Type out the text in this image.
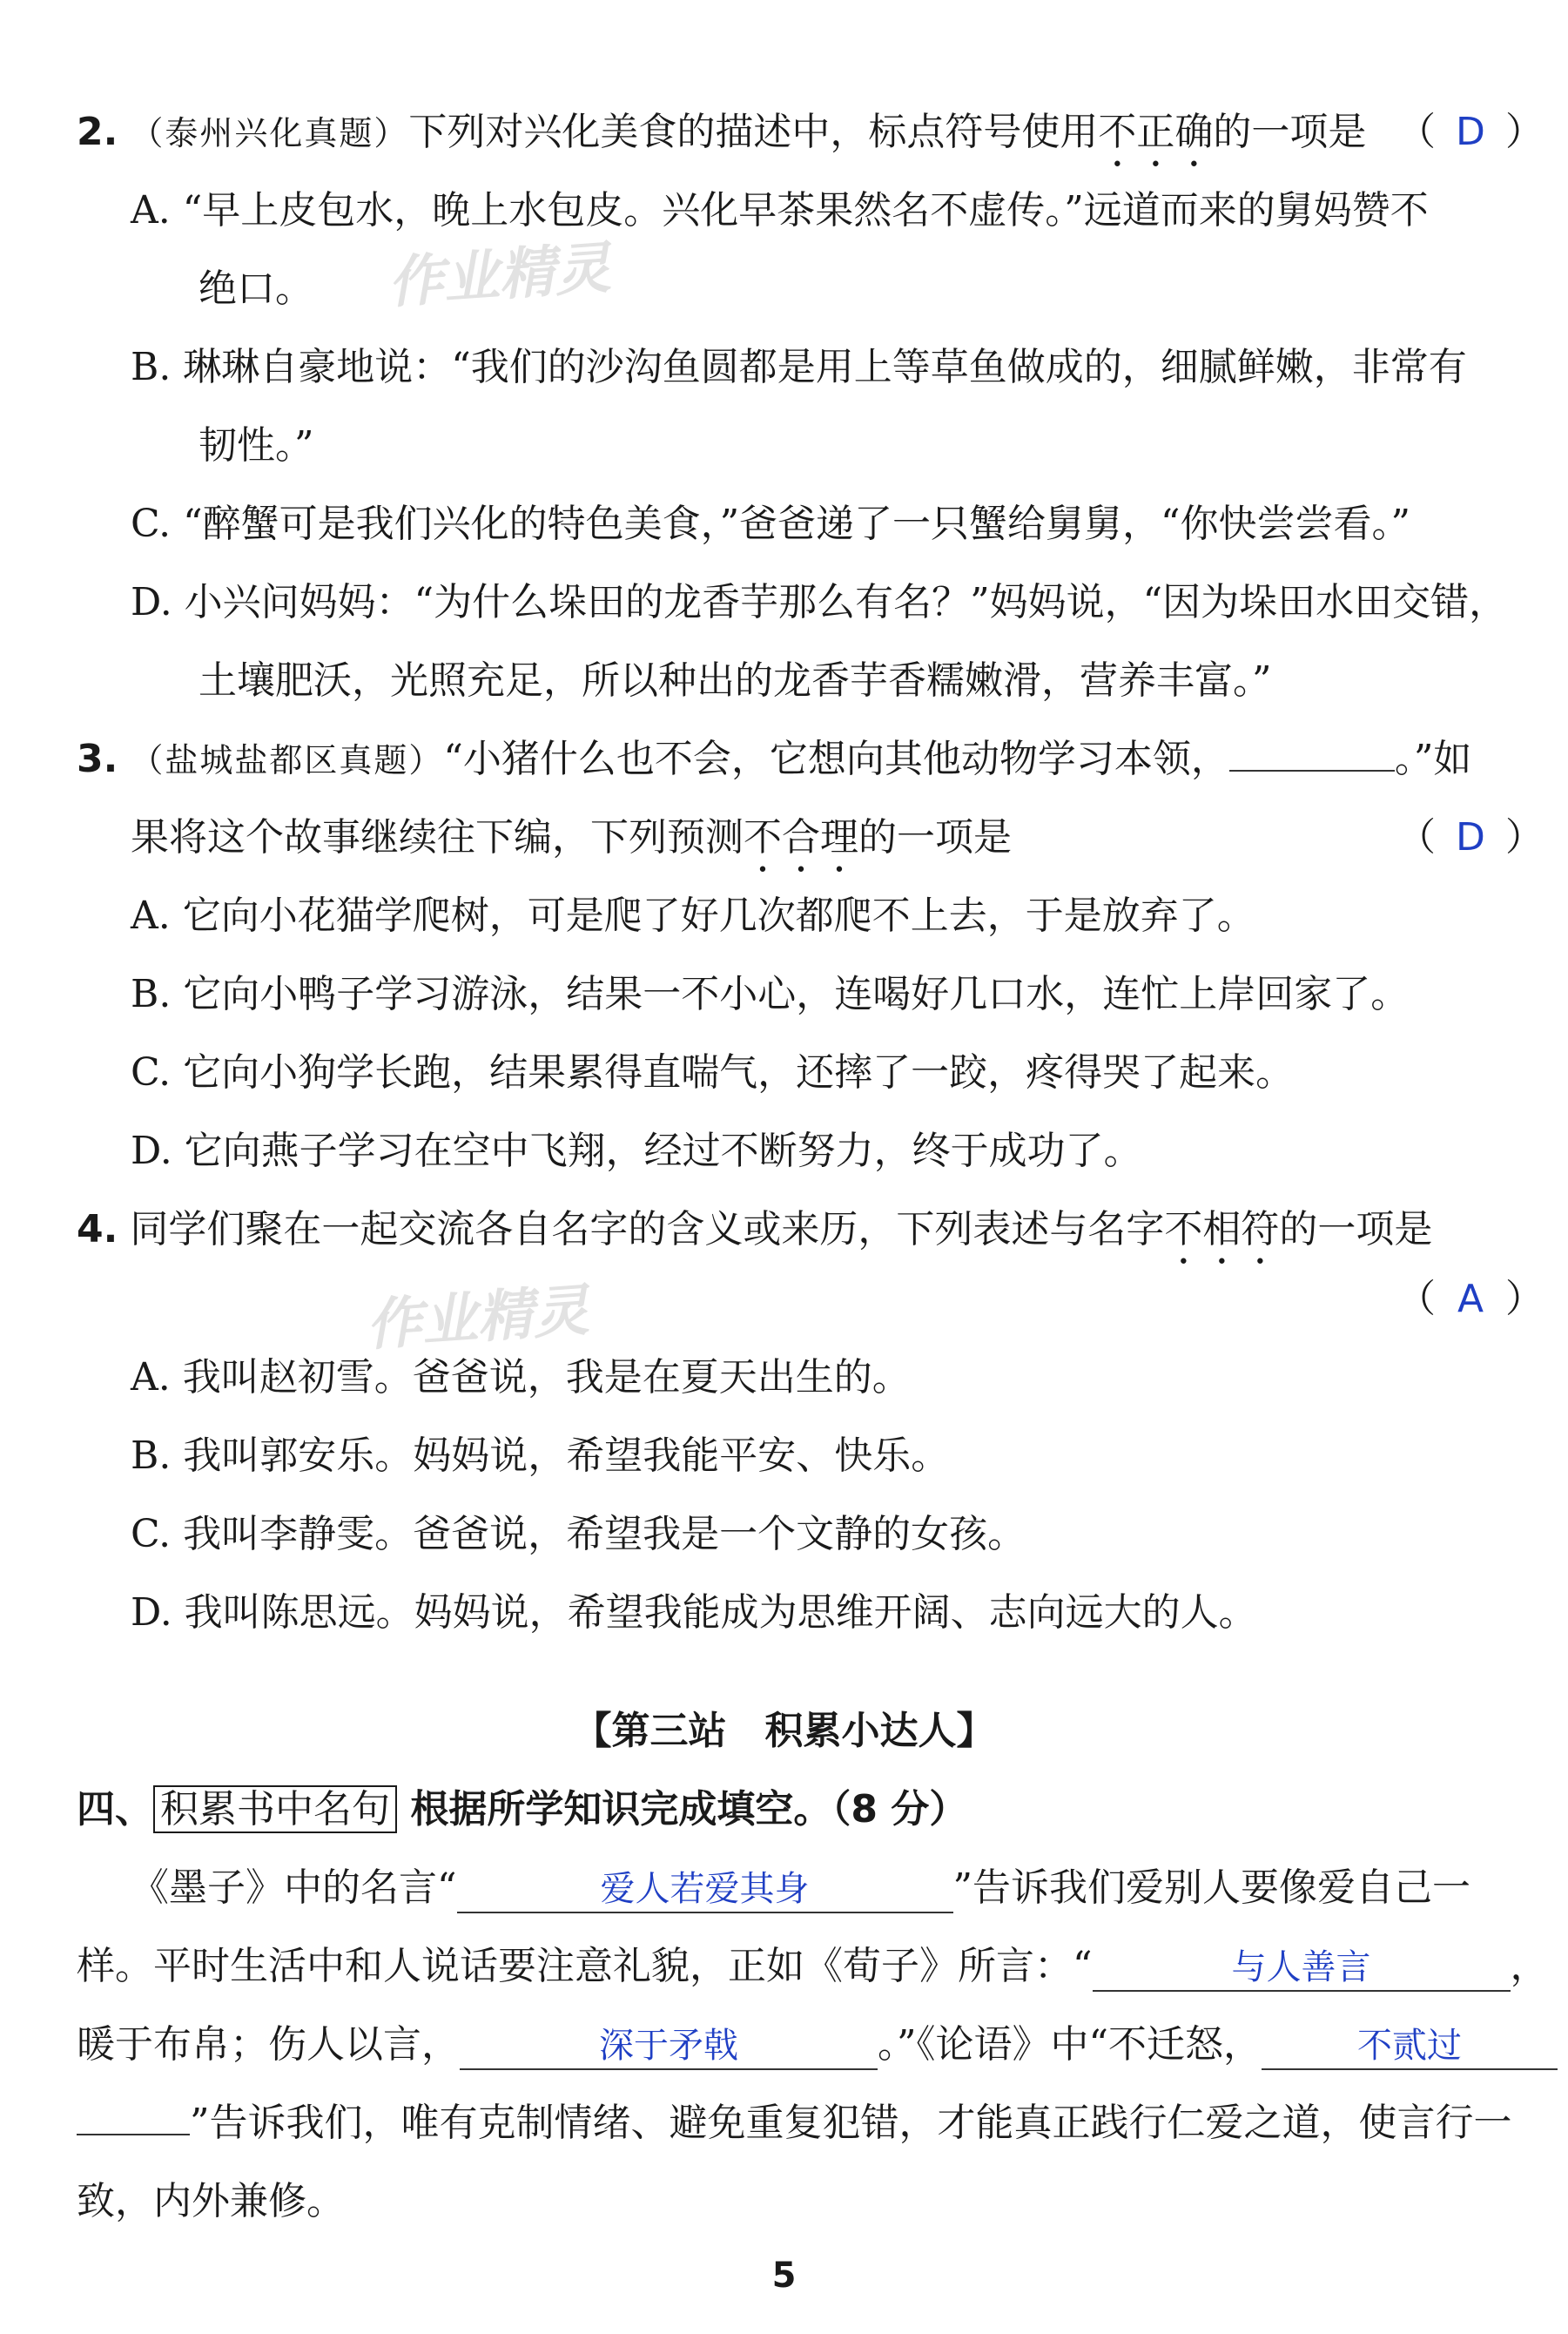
2. （泰州兴化真题）下列对兴化美食的描述中，标点符号使用不正确的一项是 （ D ）
A. “早上皮包水，晚上水包皮。兴化早茶果然名不虚传。”远道而来的舅妈赞不
绝口。
B. 琳琳自豪地说：“我们的沙沟鱼圆都是用上等草鱼做成的，细腻鲜嫩，非常有
韧性。”
C. “醉蟹可是我们兴化的特色美食，”爸爸递了一只蟹给舅舅，“你快尝尝看。”
D. 小兴问妈妈：“为什么垛田的龙香芋那么有名？”妈妈说，“因为垛田水田交错，
土壤肥沃，光照充足，所以种出的龙香芋香糯嫩滑，营养丰富。”
3. （盐城盐都区真题）“小猪什么也不会，它想向其他动物学习本领，	。”如
果将这个故事继续往下编，下列预测不合理的一项是	（ D ）
A. 它向小花猫学爬树，可是爬了好几次都爬不上去，于是放弃了。
B. 它向小鸭子学习游泳，结果一不小心，连喝好几口水，连忙上岸回家了。
C. 它向小狗学长跑，结果累得直喘气，还摔了一跤，疼得哭了起来。
D. 它向燕子学习在空中飞翔，经过不断努力，终于成功了。
4. 同学们聚在一起交流各自名字的含义或来历，下列表述与名字不相符的一项是
（ A ）
A. 我叫赵初雪。爸爸说，我是在夏天出生的。
B. 我叫郭安乐。妈妈说，希望我能平安、快乐。
C. 我叫李静雯。爸爸说，希望我是一个文静的女孩。
D. 我叫陈思远。妈妈说，希望我能成为思维开阔、志向远大的人。
【第三站　积累小达人】
四、 积累书中名句 根据所学知识完成填空。（8 分）
《墨子》中的名言“	爱人若爱其身	”告诉我们爱别人要像爱自己一
样。平时生活中和人说话要注意礼貌，正如《荀子》所言：“	与人善言	，
暖于布帛；伤人以言，	深于矛戟	。”《论语》中“不迁怒，	不贰过
”告诉我们，唯有克制情绪、避免重复犯错，才能真正践行仁爱之道，使言行一
致，内外兼修。
作业精灵
作业精灵
5
